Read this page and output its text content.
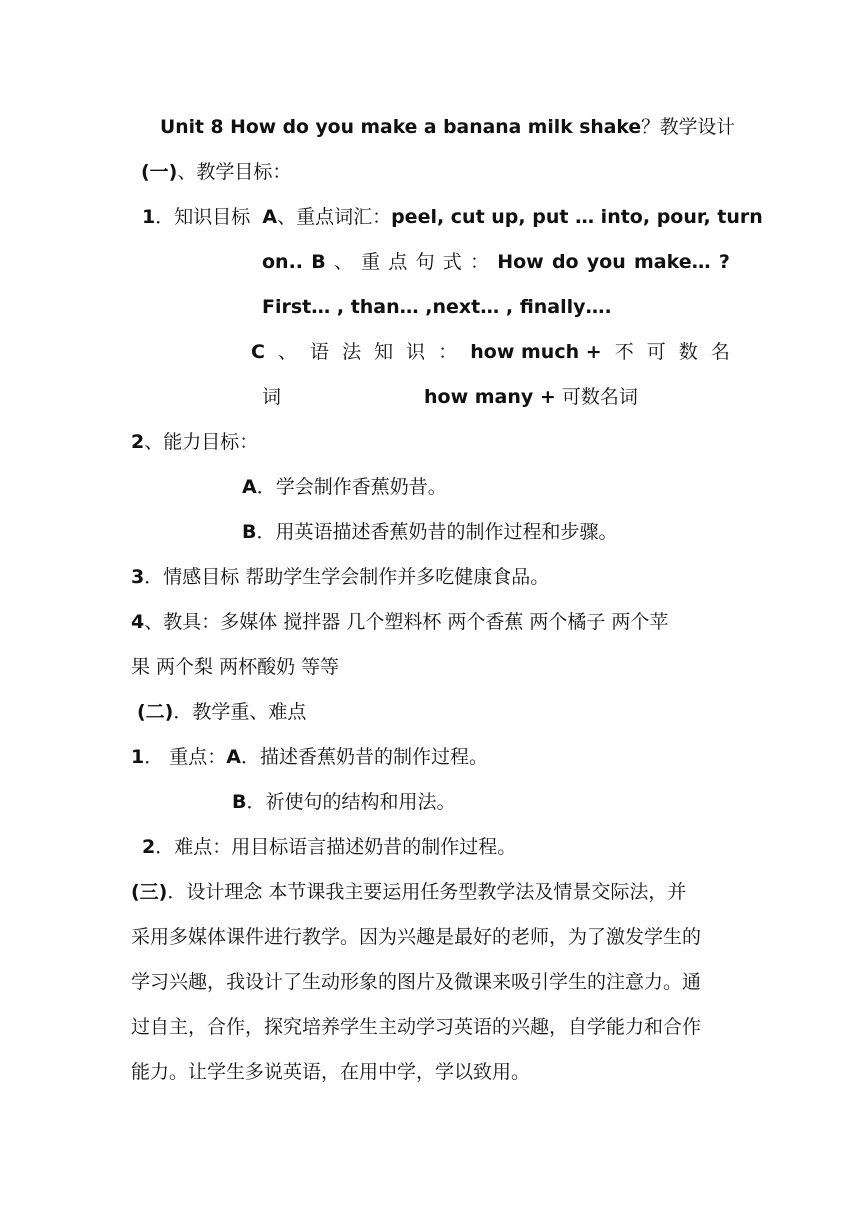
Unit 8 How do you make a banana milk shake？教学设计
(一)、教学目标：
1．知识目标 A、重点词汇：peel, cut up, put … into, pour, turn
on.. B 、 重 点 句 式 ： How do you make… ?
First… , than… ,next… , finally….
C 、 语 法 知 识 ： how much + 不 可 数 名
词	how many + 可数名词
2、能力目标：
A．学会制作香蕉奶昔。
B．用英语描述香蕉奶昔的制作过程和步骤。
3．情感目标 帮助学生学会制作并多吃健康食品。
4、教具：多媒体 搅拌器 几个塑料杯 两个香蕉 两个橘子 两个苹
果 两个梨 两杯酸奶 等等
(二)．教学重、难点
1． 重点：A．描述香蕉奶昔的制作过程。
B．祈使句的结构和用法。
2．难点：用目标语言描述奶昔的制作过程。
(三)．设计理念 本节课我主要运用任务型教学法及情景交际法，并
采用多媒体课件进行教学。因为兴趣是最好的老师，为了激发学生的
学习兴趣，我设计了生动形象的图片及微课来吸引学生的注意力。通
过自主，合作，探究培养学生主动学习英语的兴趣，自学能力和合作
能力。让学生多说英语，在用中学，学以致用。
